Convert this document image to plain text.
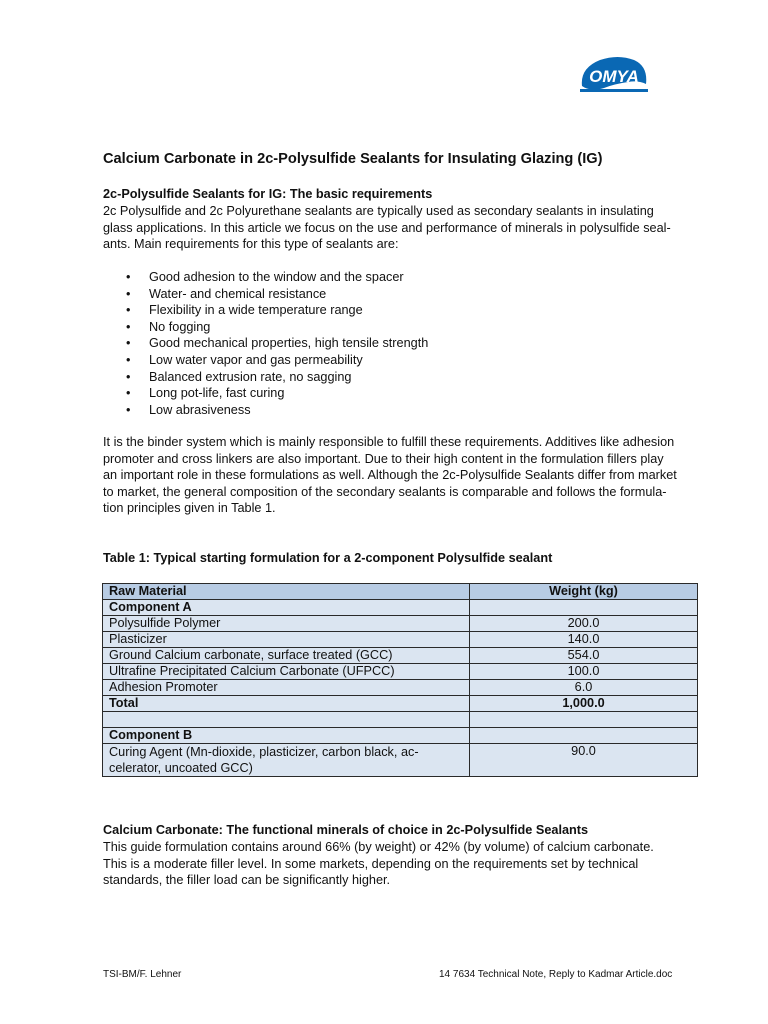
OMYA
Calcium Carbonate in 2c-Polysulfide Sealants for Insulating Glazing (IG)
2c-Polysulfide Sealants for IG: The basic requirements
2c Polysulfide and 2c Polyurethane sealants are typically used as secondary sealants in insulating
glass applications. In this article we focus on the use and performance of minerals in polysulfide seal-
ants. Main requirements for this type of sealants are:
• Good adhesion to the window and the spacer
• Water- and chemical resistance
• Flexibility in a wide temperature range
• No fogging
• Good mechanical properties, high tensile strength
• Low water vapor and gas permeability
• Balanced extrusion rate, no sagging
• Long pot-life, fast curing
• Low abrasiveness
It is the binder system which is mainly responsible to fulfill these requirements. Additives like adhesion
promoter and cross linkers are also important. Due to their high content in the formulation fillers play
an important role in these formulations as well. Although the 2c-Polysulfide Sealants differ from market
to market, the general composition of the secondary sealants is comparable and follows the formula-
tion principles given in Table 1.
Table 1: Typical starting formulation for a 2-component Polysulfide sealant
Raw Material	Weight (kg)
Component A	
Polysulfide Polymer	200.0
Plasticizer	140.0
Ground Calcium carbonate, surface treated (GCC)	554.0
Ultrafine Precipitated Calcium Carbonate (UFPCC)	100.0
Adhesion Promoter	6.0
Total	1,000.0

Component B	

Curing Agent (Mn-dioxide, plasticizer, carbon black, ac-
celerator, uncoated GCC)	90.0
Calcium Carbonate: The functional minerals of choice in 2c-Polysulfide Sealants
This guide formulation contains around 66% (by weight) or 42% (by volume) of calcium carbonate.
This is a moderate filler level. In some markets, depending on the requirements set by technical
standards, the filler load can be significantly higher.
TSI-BM/F. Lehner	14 7634 Technical Note, Reply to Kadmar Article.doc
